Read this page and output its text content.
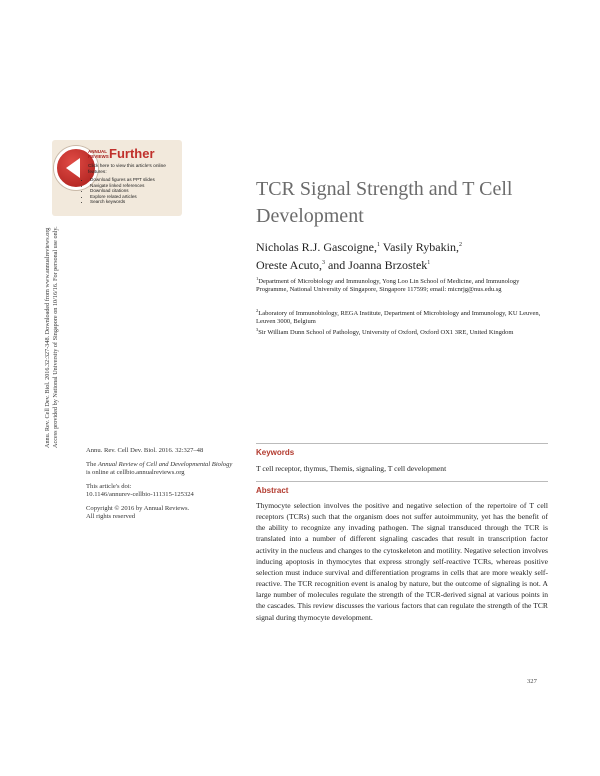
ANNUAL REVIEWS Further
Click here to view this article's online features:
• Download figures as PPT slides
• Navigate linked references
• Download citations
• Explore related articles
• Search keywords
Annu. Rev. Cell Dev. Biol. 2016.32:327-348. Downloaded from www.annualreviews.org Access provided by National University of Singapore on 10/16/16. For personal use only.
TCR Signal Strength and T Cell Development
Nicholas R.J. Gascoigne,$^1$ Vasily Rybakin,$^2$
Oreste Acuto,$^3$ and Joanna Brzostek$^1$
$^1$Department of Microbiology and Immunology, Yong Loo Lin School of Medicine, and Immunology Programme, National University of Singapore, Singapore 117599; email: micnrjg@nus.edu.sg
$^2$Laboratory of Immunobiology, REGA Institute, Department of Microbiology and Immunology, KU Leuven, Leuven 3000, Belgium
$^3$Sir William Dunn School of Pathology, University of Oxford, Oxford OX1 3RE, United Kingdom

Annu. Rev. Cell Dev. Biol. 2016. 32:327–48

The Annual Review of Cell and Developmental Biology is online at cellbio.annualreviews.org

This article's doi:
10.1146/annurev-cellbio-111315-125324

Copyright © 2016 by Annual Reviews.
All rights reserved

Keywords
T cell receptor, thymus, Themis, signaling, T cell development
Abstract
Thymocyte selection involves the positive and negative selection of the repertoire of T cell receptors (TCRs) such that the organism does not suffer autoimmunity, yet has the benefit of the ability to recognize any invading pathogen. The signal transduced through the TCR is translated into a number of different signaling cascades that result in transcription factor activity in the nucleus and changes to the cytoskeleton and motility. Negative selection involves inducing apoptosis in thymocytes that express strongly self-reactive TCRs, whereas positive selection must induce survival and differentiation programs in cells that are more weakly self-reactive. The TCR recognition event is analog by nature, but the outcome of signaling is not. A large number of molecules regulate the strength of the TCR-derived signal at various points in the cascades. This review discusses the various factors that can regulate the strength of the TCR signal during thymocyte development.
327
